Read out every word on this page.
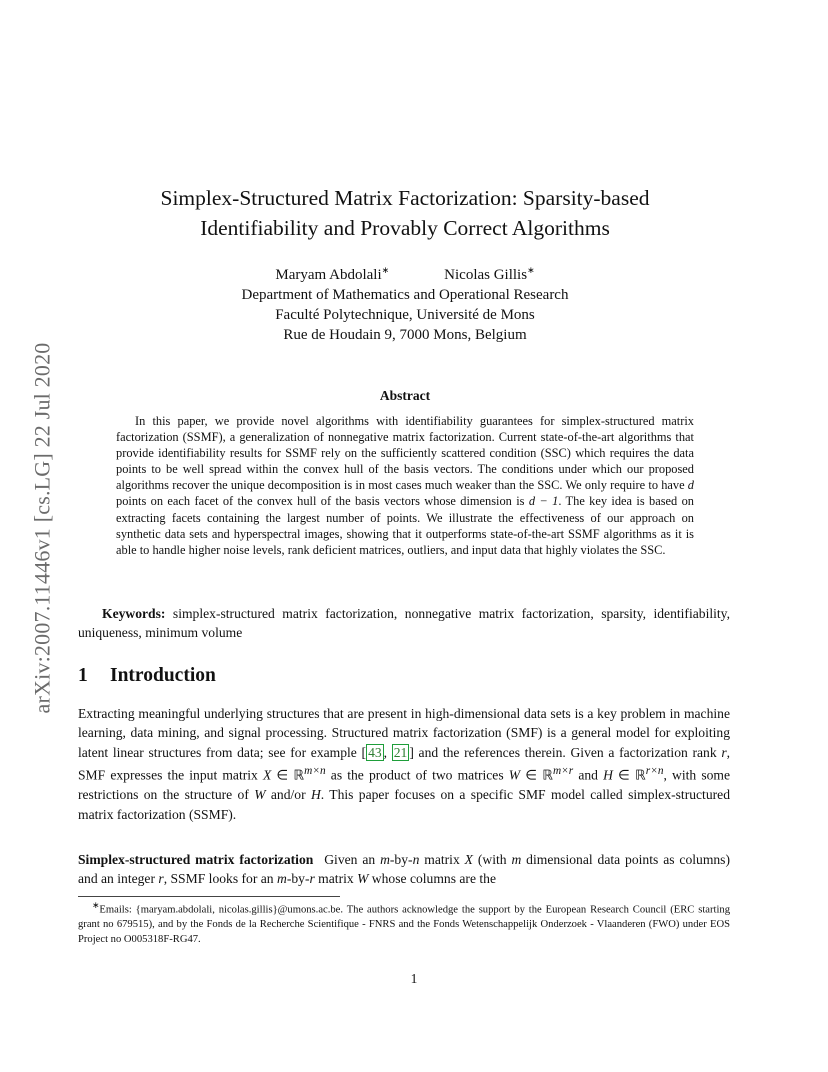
arXiv:2007.11446v1 [cs.LG] 22 Jul 2020
Simplex-Structured Matrix Factorization: Sparsity-based
Identifiability and Provably Correct Algorithms
Maryam Abdolali∗	Nicolas Gillis∗
Department of Mathematics and Operational Research
Faculté Polytechnique, Université de Mons
Rue de Houdain 9, 7000 Mons, Belgium
Abstract

In this paper, we provide novel algorithms with identifiability guarantees for simplex-structured matrix factorization (SSMF), a generalization of nonnegative matrix factorization. Current state-of-the-art algorithms that provide identifiability results for SSMF rely on the sufficiently scattered condition (SSC) which requires the data points to be well spread within the convex hull of the basis vectors. The conditions under which our proposed algorithms recover the unique decomposition is in most cases much weaker than the SSC. We only require to have d points on each facet of the convex hull of the basis vectors whose dimension is d − 1. The key idea is based on extracting facets containing the largest number of points. We illustrate the effectiveness of our approach on synthetic data sets and hyperspectral images, showing that it outperforms state-of-the-art SSMF algorithms as it is able to handle higher noise levels, rank deficient matrices, outliers, and input data that highly violates the SSC.

Keywords: simplex-structured matrix factorization, nonnegative matrix factorization, sparsity, identifiability, uniqueness, minimum volume

1 Introduction

Extracting meaningful underlying structures that are present in high-dimensional data sets is a key problem in machine learning, data mining, and signal processing. Structured matrix factorization (SMF) is a general model for exploiting latent linear structures from data; see for example [ 43 , 21 ] and the references therein. Given a factorization rank r, SMF expresses the input matrix X ∈ ℝ$^{m\times n}$ as the product of two matrices W ∈ ℝ$^{m\times r}$ and H ∈ ℝ$^{r\times n}$, with some restrictions on the structure of W and/or H. This paper focuses on a specific SMF model called simplex-structured matrix factorization (SSMF).

Simplex-structured matrix factorization Given an m-by-n matrix X (with m dimensional data points as columns) and an integer r, SSMF looks for an m-by-r matrix W whose columns are the

∗Emails: {maryam.abdolali, nicolas.gillis}@umons.ac.be. The authors acknowledge the support by the European Research Council (ERC starting grant no 679515), and by the Fonds de la Recherche Scientifique - FNRS and the Fonds Wetenschappelijk Onderzoek - Vlaanderen (FWO) under EOS Project no O005318F-RG47.

1
